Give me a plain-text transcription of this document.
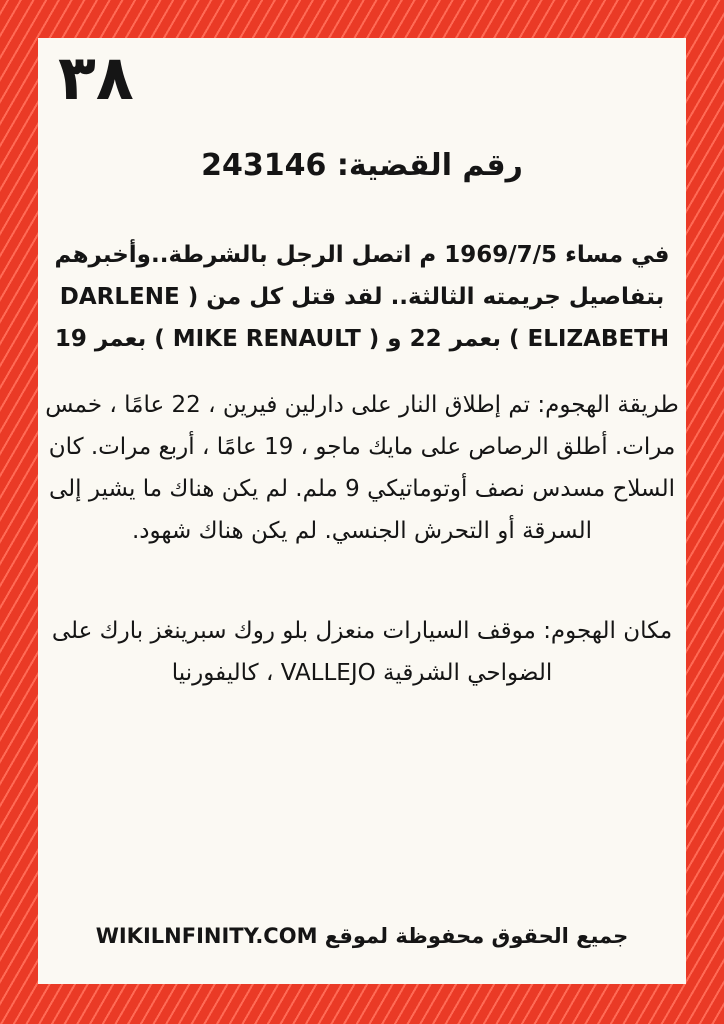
٣٨
رقم القضية: 243146

في مساء 1969/7/5 م اتصل الرجل بالشرطة..وأخبرهم بتفاصيل جريمته الثالثة.. لقد قتل كل من ( DARLENE ELIZABETH ) بعمر 22 و ( MIKE RENAULT ) بعمر 19

طريقة الهجوم: تم إطلاق النار على دارلين فيرين ، 22 عامًا ، خمس مرات. أطلق الرصاص على مايك ماجو ، 19 عامًا ، أربع مرات. كان السلاح مسدس نصف أوتوماتيكي 9 ملم. لم يكن هناك ما يشير إلى السرقة أو التحرش الجنسي. لم يكن هناك شهود.

مكان الهجوم: موقف السيارات منعزل بلو روك سبرينغز بارك على الضواحي الشرقية VALLEJO ، كاليفورنيا

جميع الحقوق محفوظة لموقع WIKILNFINITY.COM
